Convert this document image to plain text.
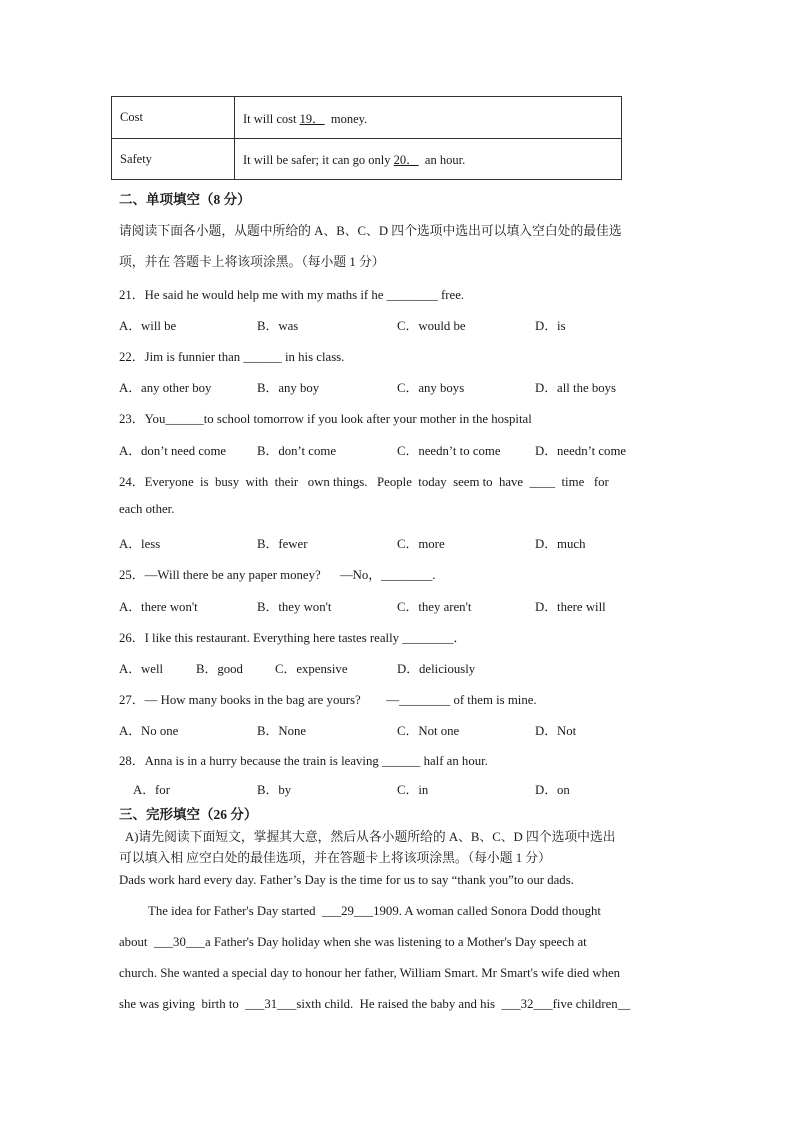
Cost	It will cost 19．  money.
Safety	It will be safer; it can go only 20．  an hour.
二、单项填空（8 分）
请阅读下面各小题，从题中所给的 A、B、C、D 四个选项中选出可以填入空白处的最佳选
项，并在 答题卡上将该项涂黑。（每小题 1 分）
21．He said he would help me with my maths if he ________ free.
A．will be	B．was	C．would be	D．is
22．Jim is funnier than ______ in his class.
A．any other boy	B．any boy	C．any boys	D．all the boys
23．You______to school tomorrow if you look after your mother in the hospital
A．don’t need come B．don’t come	C．needn’t to come	D．needn’t come
24．Everyone  is  busy  with  their   own things.   People  today  seem to  have  ____  time   for
each other.
A．less	B．fewer	C．more	D．much
25．—Will there be any paper money?      —No，________.
A．there won't	B．they won't	C．they aren't	D．there will
26．I like this restaurant. Everything here tastes really ________．
A．well	B．good	C．expensive	D．deliciously
27．— How many books in the bag are yours?        —________ of them is mine.
A．No one	B．None	C．Not one	D．Not
28．Anna is in a hurry because the train is leaving ______ half an hour.
A．for	B．by	C．in	D．on
三、完形填空（26 分）
A)请先阅读下面短文，掌握其大意，然后从各小题所给的 A、B、C、D 四个选项中选出
可以填入相 应空白处的最佳选项，并在答题卡上将该项涂黑。（每小题 1 分）
Dads work hard every day. Father’s Day is the time for us to say “thank you”to our dads.
The idea for Father's Day started  ___29___1909. A woman called Sonora Dodd thought
about  ___30___a Father's Day holiday when she was listening to a Mother's Day speech at
church. She wanted a special day to honour her father, William Smart. Mr Smart's wife died when
she was giving  birth to  ___31___sixth child.  He raised the baby and his  ___32___five children__
